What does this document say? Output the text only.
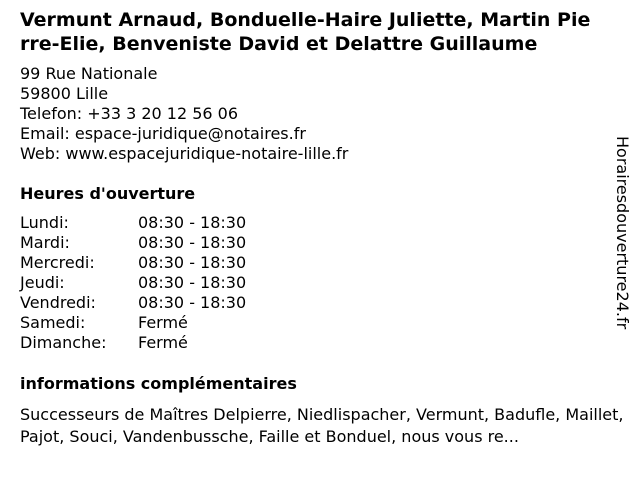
Vermunt Arnaud, Bonduelle-Haire Juliette, Martin Pierre-Elie, Benveniste David et Delattre Guillaume
99 Rue Nationale
59800 Lille
Telefon: +33 3 20 12 56 06
Email: espace-juridique@notaires.fr
Web: www.espacejuridique-notaire-lille.fr
Heures d'ouverture
Lundi:	08:30 - 18:30
Mardi:	08:30 - 18:30
Mercredi:	08:30 - 18:30
Jeudi:	08:30 - 18:30
Vendredi:	08:30 - 18:30
Samedi:	Fermé
Dimanche: Fermé
informations complémentaires
Successeurs de Maîtres Delpierre, Niedlispacher, Vermunt, Badufle, Maillet, Pajot, Souci, Vandenbussche, Faille et Bonduel, nous vous re...
Horairesdouverture24.fr
